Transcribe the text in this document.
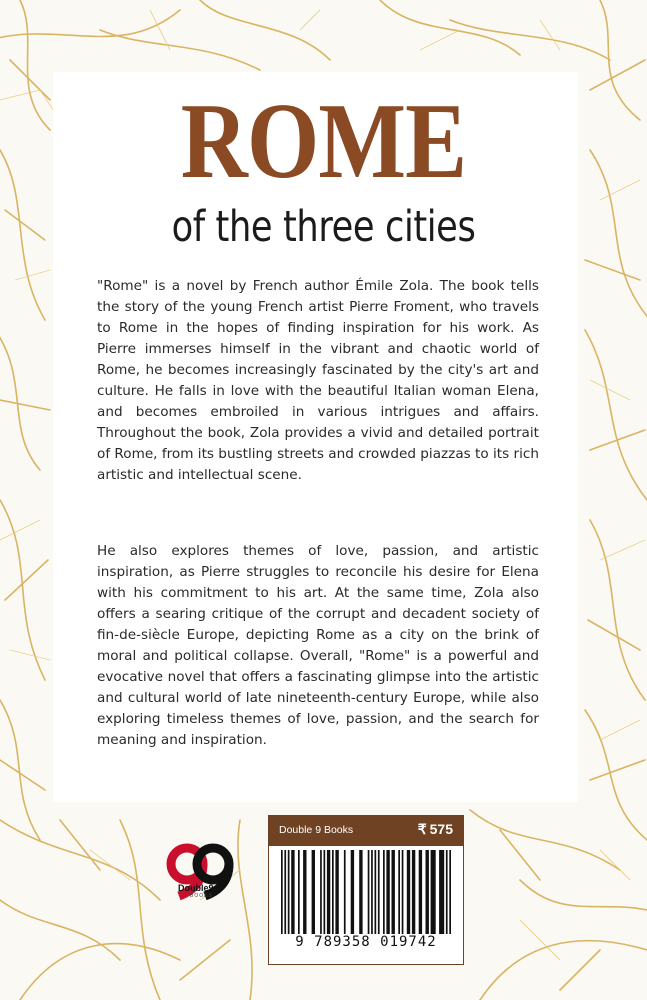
ROME
of the three cities

"Rome" is a novel by French author Émile Zola. The book tells the story of the young French artist Pierre Froment, who travels to Rome in the hopes of finding inspiration for his work. As Pierre immerses himself in the vibrant and chaotic world of Rome, he becomes increasingly fascinated by the city's art and culture. He falls in love with the beautiful Italian woman Elena, and becomes embroiled in various intrigues and affairs. Throughout the book, Zola provides a vivid and detailed portrait of Rome, from its bustling streets and crowded piazzas to its rich artistic and intellectual scene.

He also explores themes of love, passion, and artistic inspiration, as Pierre struggles to reconcile his desire for Elena with his commitment to his art. At the same time, Zola also offers a searing critique of the corrupt and decadent society of fin-de-siècle Europe, depicting Rome as a city on the brink of moral and political collapse. Overall, "Rome" is a powerful and evocative novel that offers a fascinating glimpse into the artistic and cultural world of late nineteenth-century Europe, while also exploring timeless themes of love, passion, and the search for meaning and inspiration.

Double9
BOOKS
Double 9 Books	₹ 575
9 789358 019742
